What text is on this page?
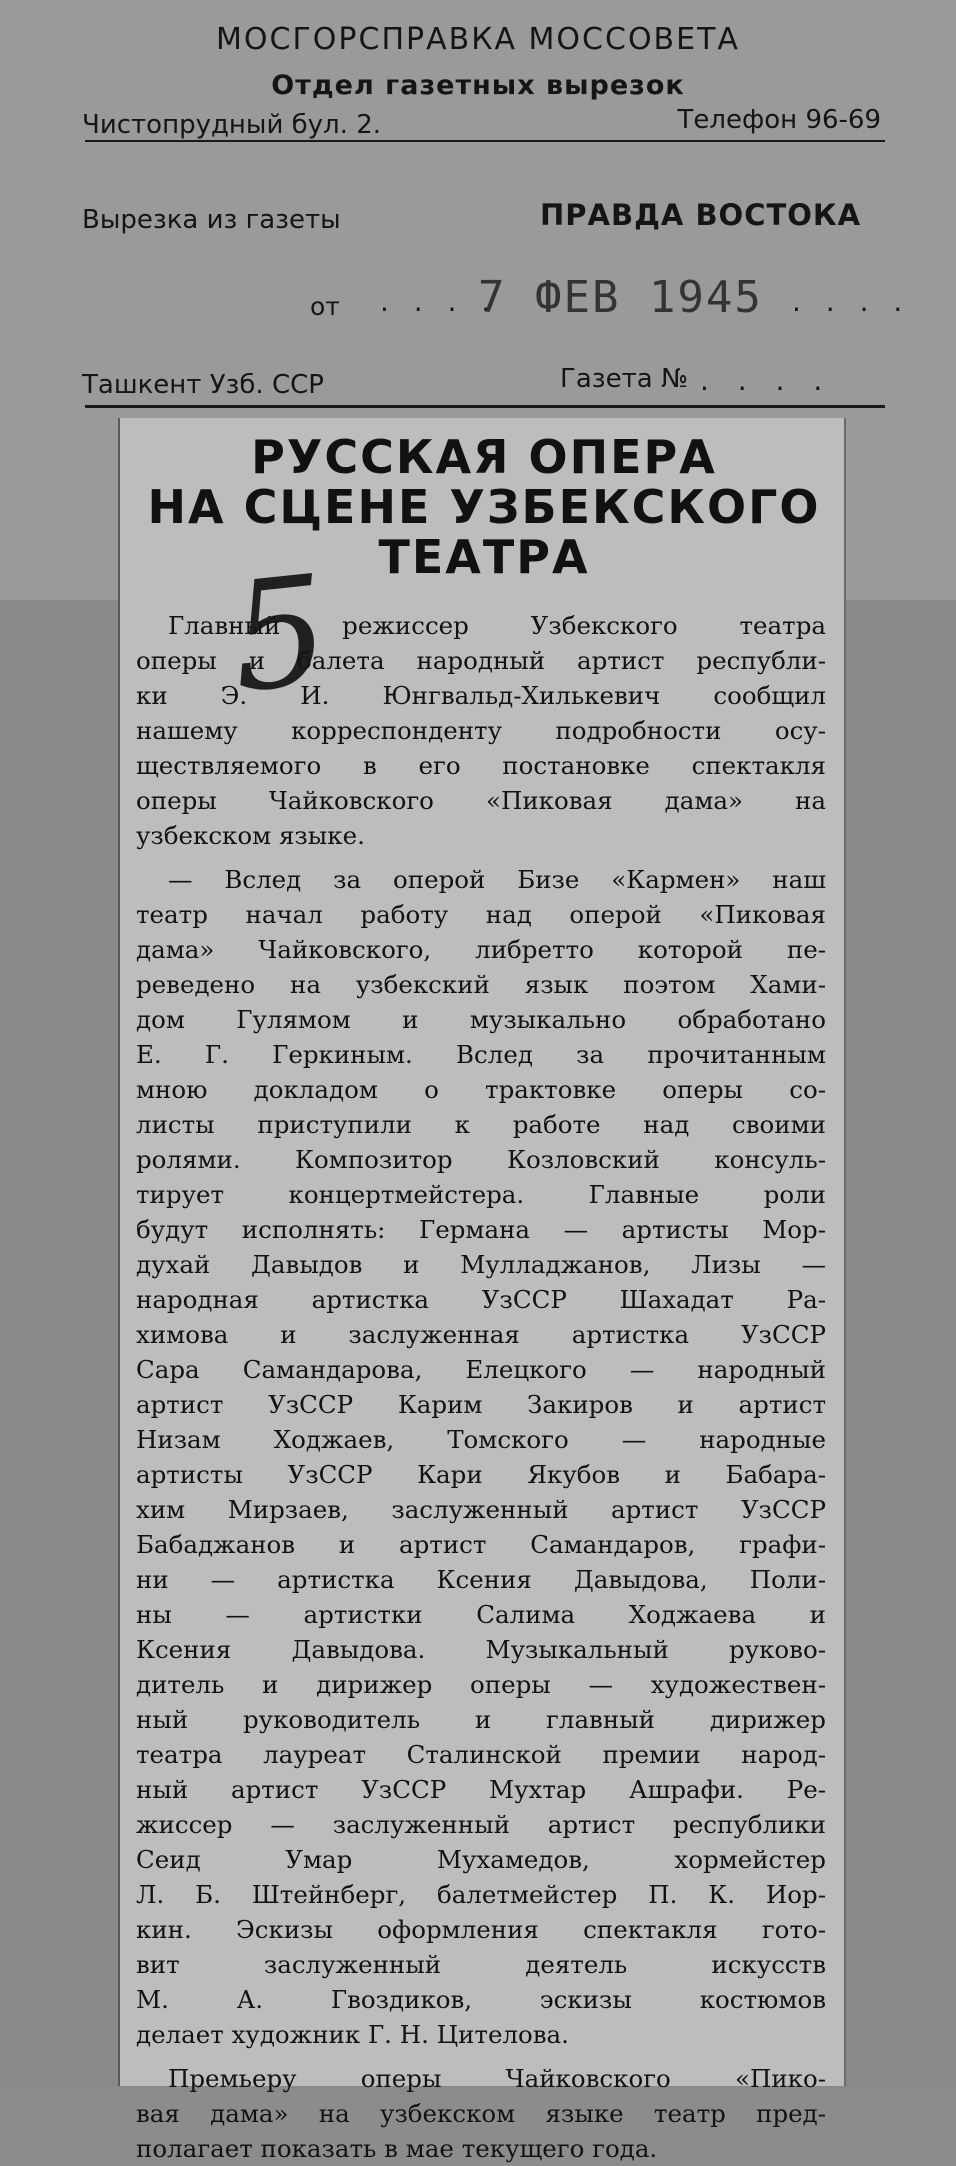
МОСГОРСПРАВКА МОССОВЕТА
Отдел газетных вырезок
Чистопрудный бул. 2.	Телефон 96-69
Вырезка из газеты	ПРАВДА ВОСТОКА
от . . . .
7 ФЕВ 1945 . . . .
Ташкент Узб. ССР	Газета № . . . .
РУССКАЯ ОПЕРА
НА СЦЕНЕ УЗБЕКСКОГО
ТЕАТРА
5
Главный режиссер Узбекского театра
оперы и балета народный артист республи-
ки Э. И. Юнгвальд-Хилькевич сообщил
нашему корреспонденту подробности осу-
ществляемого в его постановке спектакля
оперы Чайковского «Пиковая дама» на
узбекском языке.
— Вслед за оперой Бизе «Кармен» наш
театр начал работу над оперой «Пиковая
дама» Чайковского, либретто которой пе-
реведено на узбекский язык поэтом Хами-
дом Гулямом и музыкально обработано
Е. Г. Геркиным. Вслед за прочитанным
мною докладом о трактовке оперы со-
листы приступили к работе над своими
ролями. Композитор Козловский консуль-
тирует концертмейстера. Главные роли
будут исполнять: Германа — артисты Мор-
духай Давыдов и Мулладжанов, Лизы —
народная артистка УзССР Шахадат Ра-
химова и заслуженная артистка УзССР
Сара Самандарова, Елецкого — народный
артист УзССР Карим Закиров и артист
Низам Ходжаев, Томского — народные
артисты УзССР Кари Якубов и Бабара-
хим Мирзаев, заслуженный артист УзССР
Бабаджанов и артист Самандаров, графи-
ни — артистка Ксения Давыдова, Поли-
ны — артистки Салима Ходжаева и
Ксения Давыдова. Музыкальный руково-
дитель и дирижер оперы — художествен-
ный руководитель и главный дирижер
театра лауреат Сталинской премии народ-
ный артист УзССР Мухтар Ашрафи. Ре-
жиссер — заслуженный артист республики
Сеид Умар Мухамедов, хормейстер
Л. Б. Штейнберг, балетмейстер П. К. Иор-
кин. Эскизы оформления спектакля гото-
вит заслуженный деятель искусств
М. А. Гвоздиков, эскизы костюмов
делает художник Г. Н. Цителова.
Премьеру оперы Чайковского «Пико-
вая дама» на узбекском языке театр пред-
полагает показать в мае текущего года.
